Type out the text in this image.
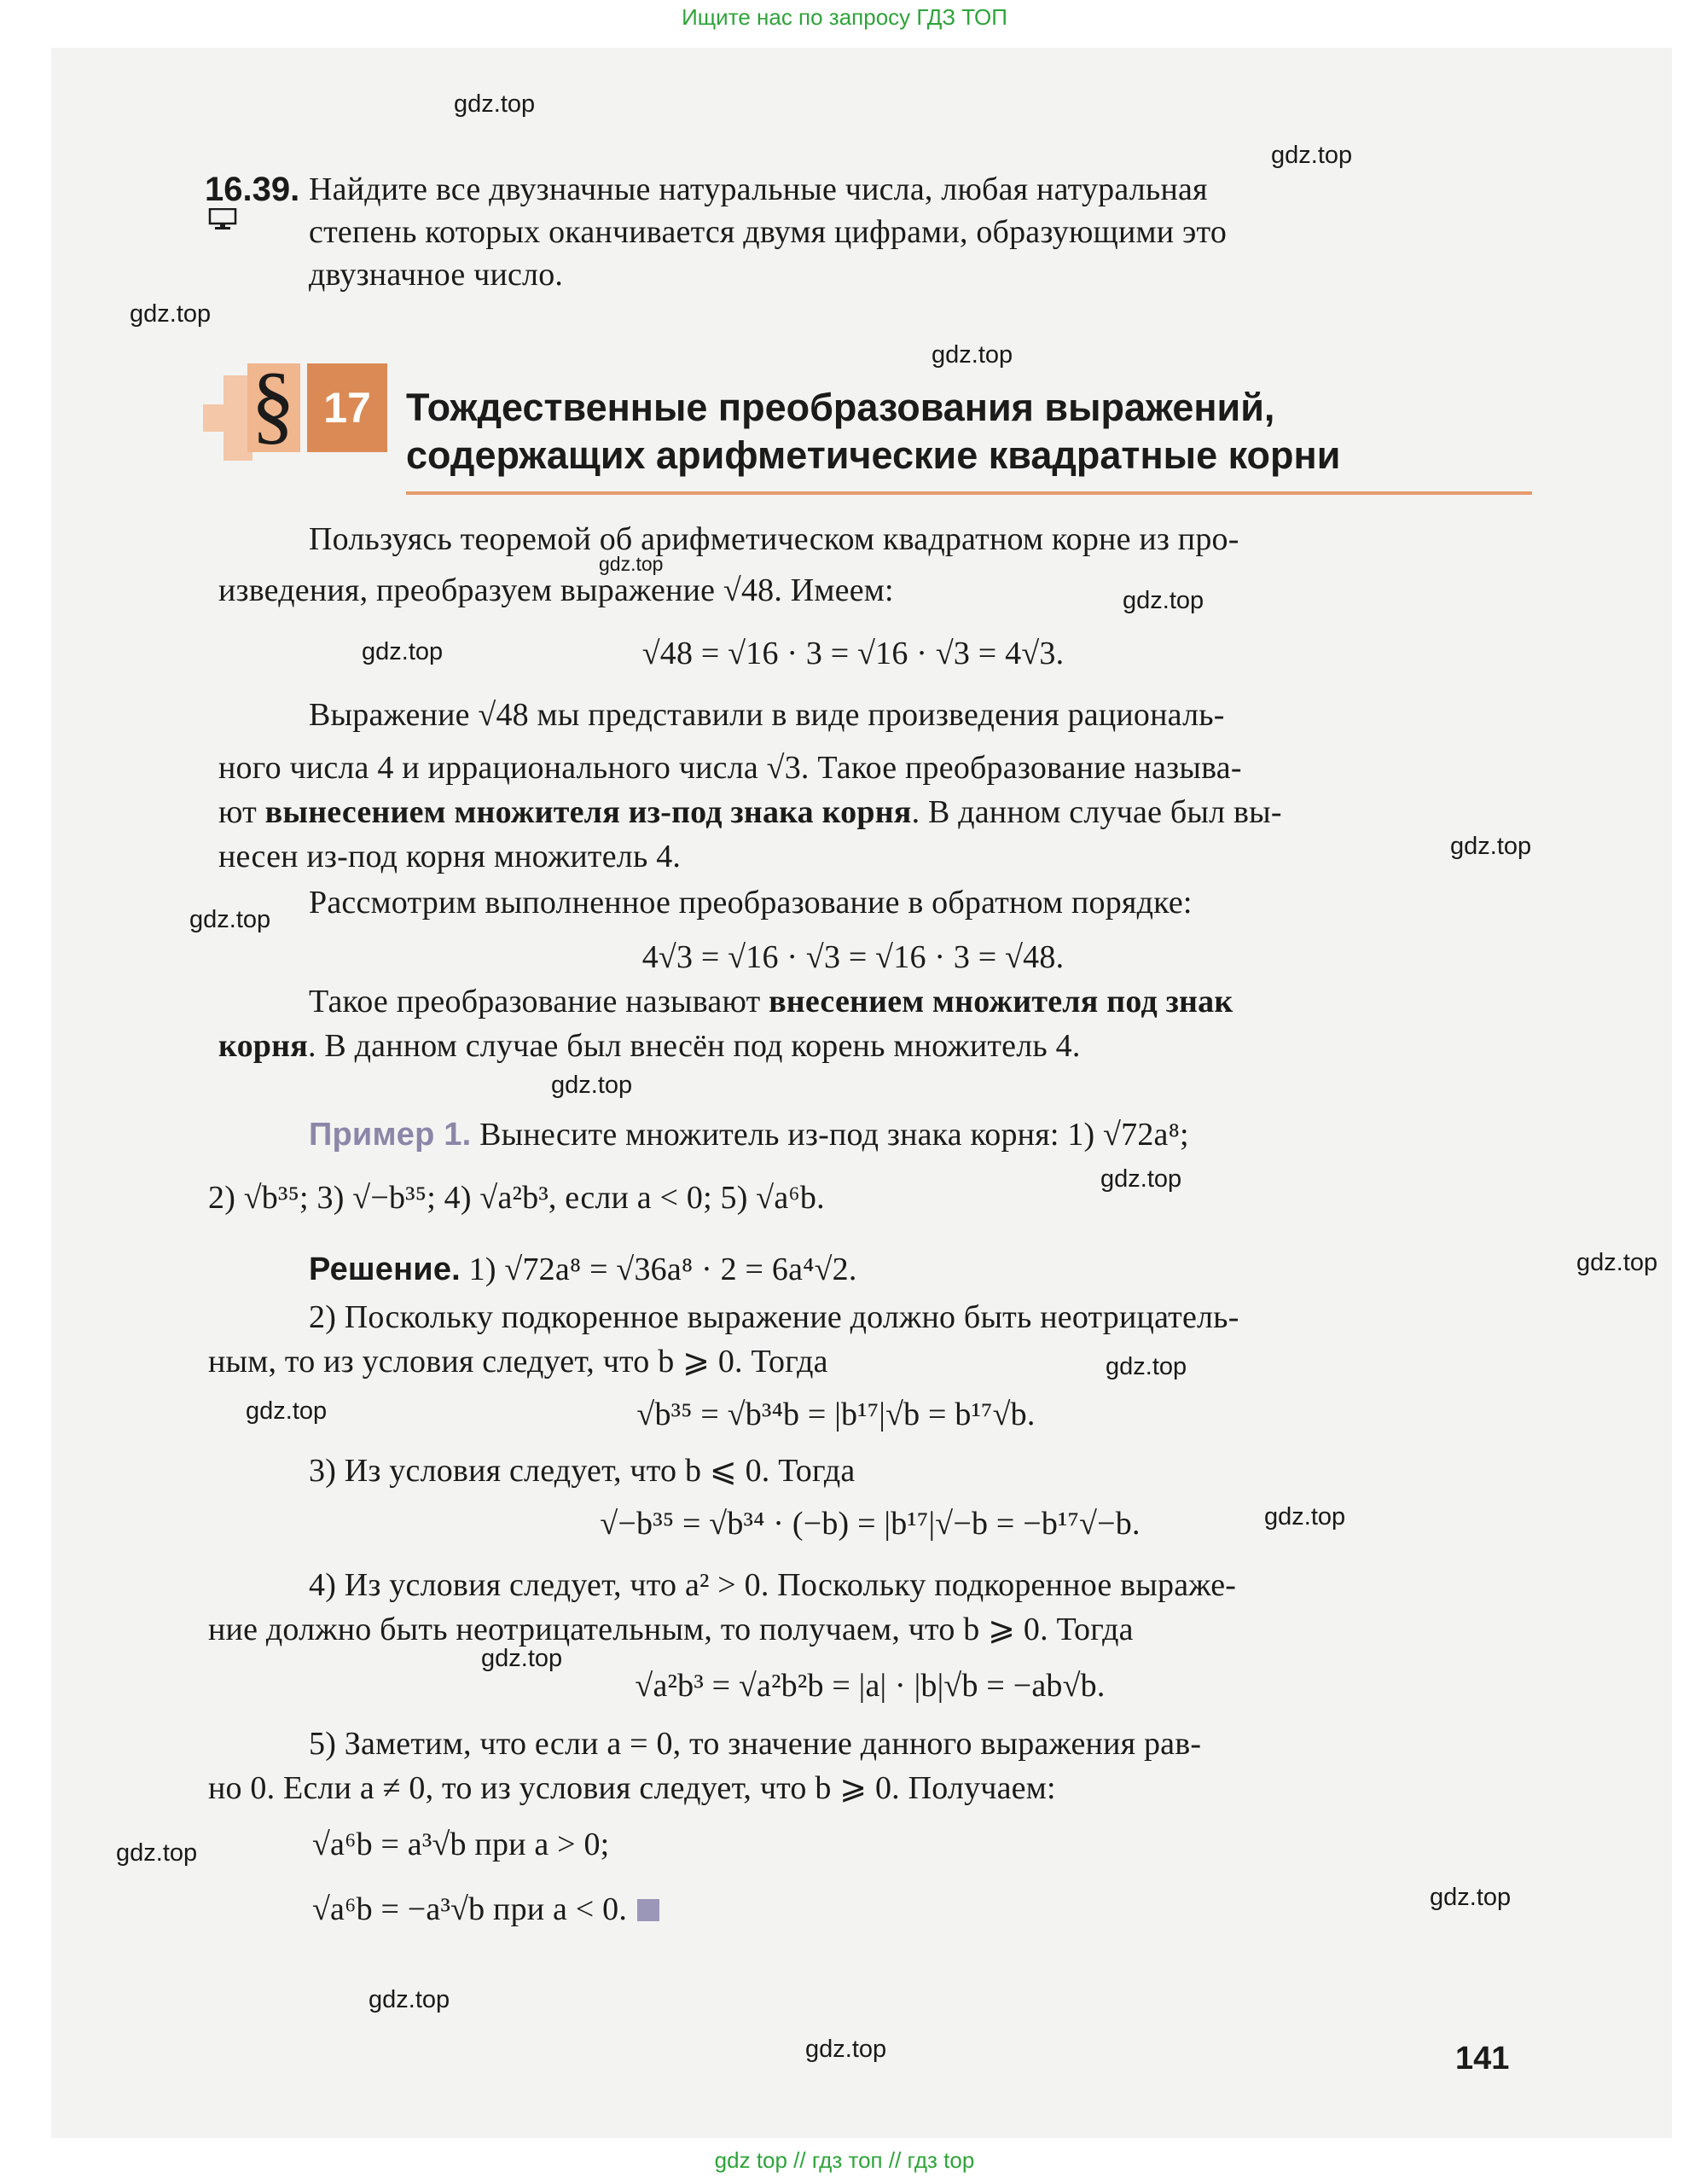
Ищите нас по запросу ГДЗ ТОП
gdz.top
gdz.top
gdz.top
gdz.top
gdz.top
gdz.top
gdz.top
gdz.top
gdz.top
gdz.top
gdz.top
gdz.top
gdz.top
gdz.top
gdz.top
gdz.top
gdz.top
gdz.top
gdz.top
gdz.top
16.39. Найдите все двузначные натуральные числа, любая натуральная
степень которых оканчивается двумя цифрами, образующими это
двузначное число.
§ 17 Тождественные преобразования выражений,
содержащих арифметические квадратные корни
Пользуясь теоремой об арифметическом квадратном корне из про-
изведения, преобразуем выражение √48. Имеем:
√48 = √16 · 3 = √16 · √3 = 4√3.
Выражение √48 мы представили в виде произведения рациональ-
ного числа 4 и иррационального числа √3. Такое преобразование называ-
ют вынесением множителя из-под знака корня. В данном случае был вы-
несен из-под корня множитель 4.
Рассмотрим выполненное преобразование в обратном порядке:
4√3 = √16 · √3 = √16 · 3 = √48.
Такое преобразование называют внесением множителя под знак
корня. В данном случае был внесён под корень множитель 4.
Пример 1. Вынесите множитель из-под знака корня: 1) √72a⁸;
2) √b³⁵; 3) √−b³⁵; 4) √a²b³, если a < 0; 5) √a⁶b.
Решение. 1) √72a⁸ = √36a⁸ · 2 = 6a⁴√2.
2) Поскольку подкоренное выражение должно быть неотрицатель-
ным, то из условия следует, что b ⩾ 0. Тогда
√b³⁵ = √b³⁴b = |b¹⁷|√b = b¹⁷√b.
3) Из условия следует, что b ⩽ 0. Тогда
√−b³⁵ = √b³⁴ · (−b) = |b¹⁷|√−b = −b¹⁷√−b.
4) Из условия следует, что a² > 0. Поскольку подкоренное выраже-
ние должно быть неотрицательным, то получаем, что b ⩾ 0. Тогда
√a²b³ = √a²b²b = |a| · |b|√b = −ab√b.
5) Заметим, что если a = 0, то значение данного выражения рав-
но 0. Если a ≠ 0, то из условия следует, что b ⩾ 0. Получаем:
√a⁶b = a³√b при a > 0;
√a⁶b = −a³√b при a < 0.
141
gdz top // гдз топ // гдз top
